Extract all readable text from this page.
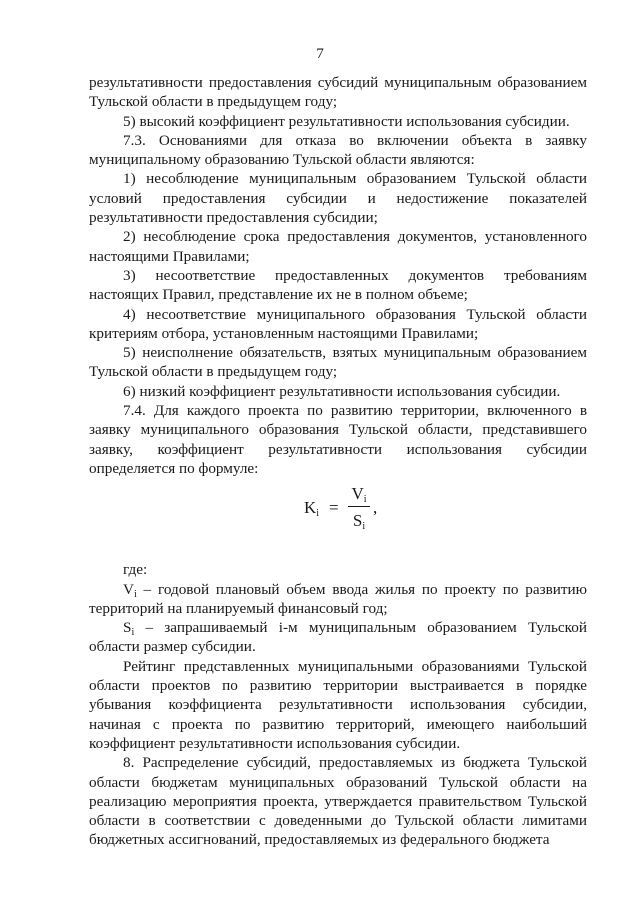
7

результативности предоставления субсидий муниципальным образованием Тульской области в предыдущем году;

5) высокий коэффициент результативности использования субсидии.

7.3. Основаниями для отказа во включении объекта в заявку муниципальному образованию Тульской области являются:

1) несоблюдение муниципальным образованием Тульской области условий предоставления субсидии и недостижение показателей результативности предоставления субсидии;

2) несоблюдение срока предоставления документов, установленного настоящими Правилами;

3) несоответствие предоставленных документов требованиям настоящих Правил, представление их не в полном объеме;

4) несоответствие муниципального образования Тульской области критериям отбора, установленным настоящими Правилами;

5) неисполнение обязательств, взятых муниципальным образованием Тульской области в предыдущем году;

6) низкий коэффициент результативности использования субсидии.

7.4. Для каждого проекта по развитию территории, включенного в заявку муниципального образования Тульской области, представившего заявку, коэффициент результативности использования субсидии определяется по формуле:

$K_i$ =
$V_i$
$S_i$
,

где:

$V_i$ – годовой плановый объем ввода жилья по проекту по развитию территорий на планируемый финансовый год;

$S_i$ – запрашиваемый i-м муниципальным образованием Тульской области размер субсидии.

Рейтинг представленных муниципальными образованиями Тульской области проектов по развитию территории выстраивается в порядке убывания коэффициента результативности использования субсидии, начиная с проекта по развитию территорий, имеющего наибольший коэффициент результативности использования субсидии.

8. Распределение субсидий, предоставляемых из бюджета Тульской области бюджетам муниципальных образований Тульской области на реализацию мероприятия проекта, утверждается правительством Тульской области в соответствии с доведенными до Тульской области лимитами бюджетных ассигнований, предоставляемых из федерального бюджета
